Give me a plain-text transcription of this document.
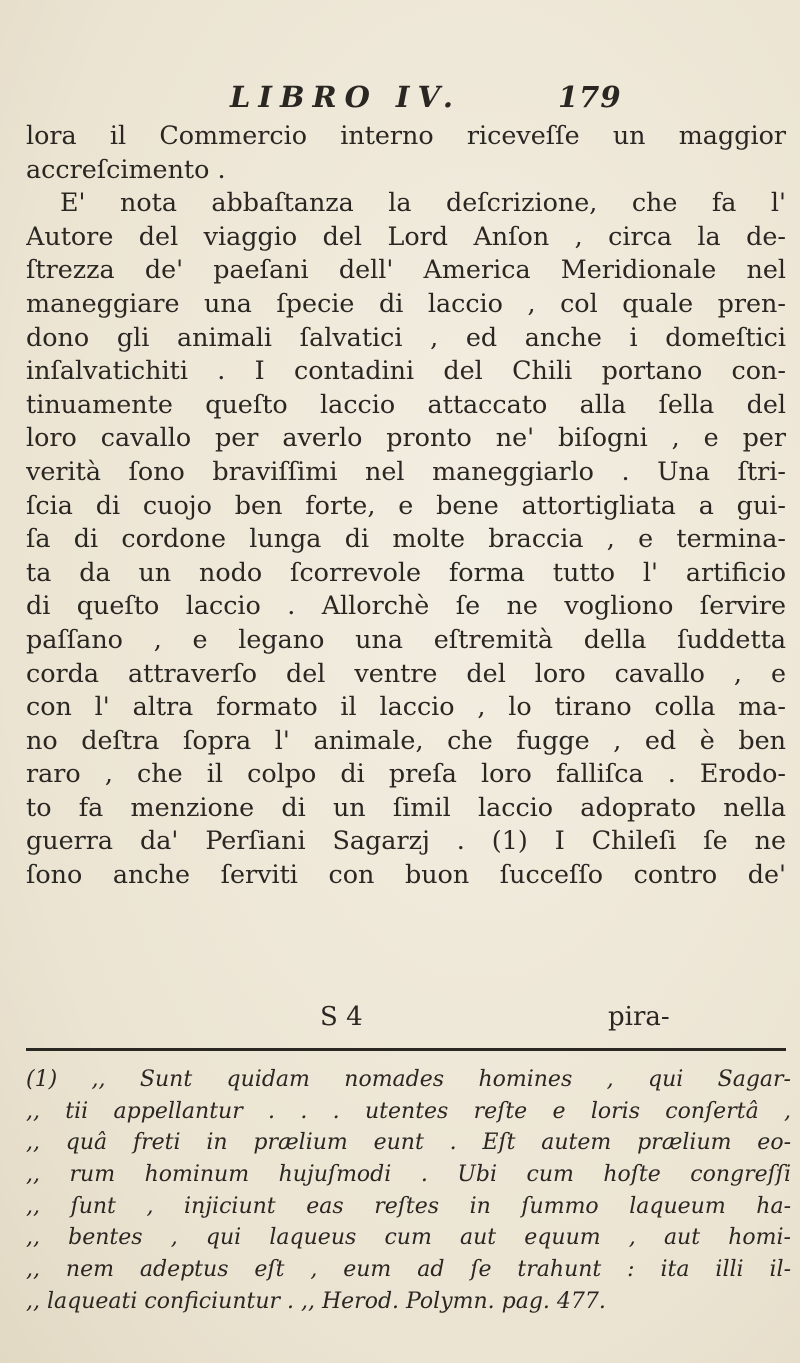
LIBRO IV.	179
lora il Commercio interno riceveſſe un maggior
accreſcimento .
E' nota abbaſtanza la deſcrizione, che fa l'
Autore del viaggio del Lord Anſon , circa la de-
ſtrezza de' paeſani dell' America Meridionale nel
maneggiare una ſpecie di laccio , col quale pren-
dono gli animali ſalvatici , ed anche i domeſtici
inſalvatichiti . I contadini del Chili portano con-
tinuamente queſto laccio attaccato alla ſella del
loro cavallo per averlo pronto ne' biſogni , e per
verità ſono braviſſimi nel maneggiarlo . Una ſtri-
ſcia di cuojo ben forte, e bene attortigliata a gui-
ſa di cordone lunga di molte braccia , e termina-
ta da un nodo ſcorrevole forma tutto l' artificio
di queſto laccio . Allorchè ſe ne vogliono ſervire
paſſano , e legano una eſtremità della ſuddetta
corda attraverſo del ventre del loro cavallo , e
con l' altra formato il laccio , lo tirano colla ma-
no deſtra ſopra l' animale, che fugge , ed è ben
raro , che il colpo di preſa loro falliſca . Erodo-
to fa menzione di un ſimil laccio adoprato nella
guerra da' Perſiani Sagarzj . (1) I Chileſi ſe ne
ſono anche ſerviti con buon ſucceſſo contro de'
S 4	pira-
(1) ,, Sunt quidam nomades homines , qui Sagar-
,, tii appellantur . . . utentes reſte e loris conſertâ ,
,, quâ freti in prælium eunt . Eſt autem prælium eo-
,, rum hominum hujuſmodi . Ubi cum hoſte congreſſi
,, ſunt , injiciunt eas reſtes in ſummo laqueum ha-
,, bentes , qui laqueus cum aut equum , aut homi-
,, nem adeptus eſt , eum ad ſe trahunt : ita illi il-
,, laqueati conficiuntur . ,, Herod. Polymn. pag. 477.
